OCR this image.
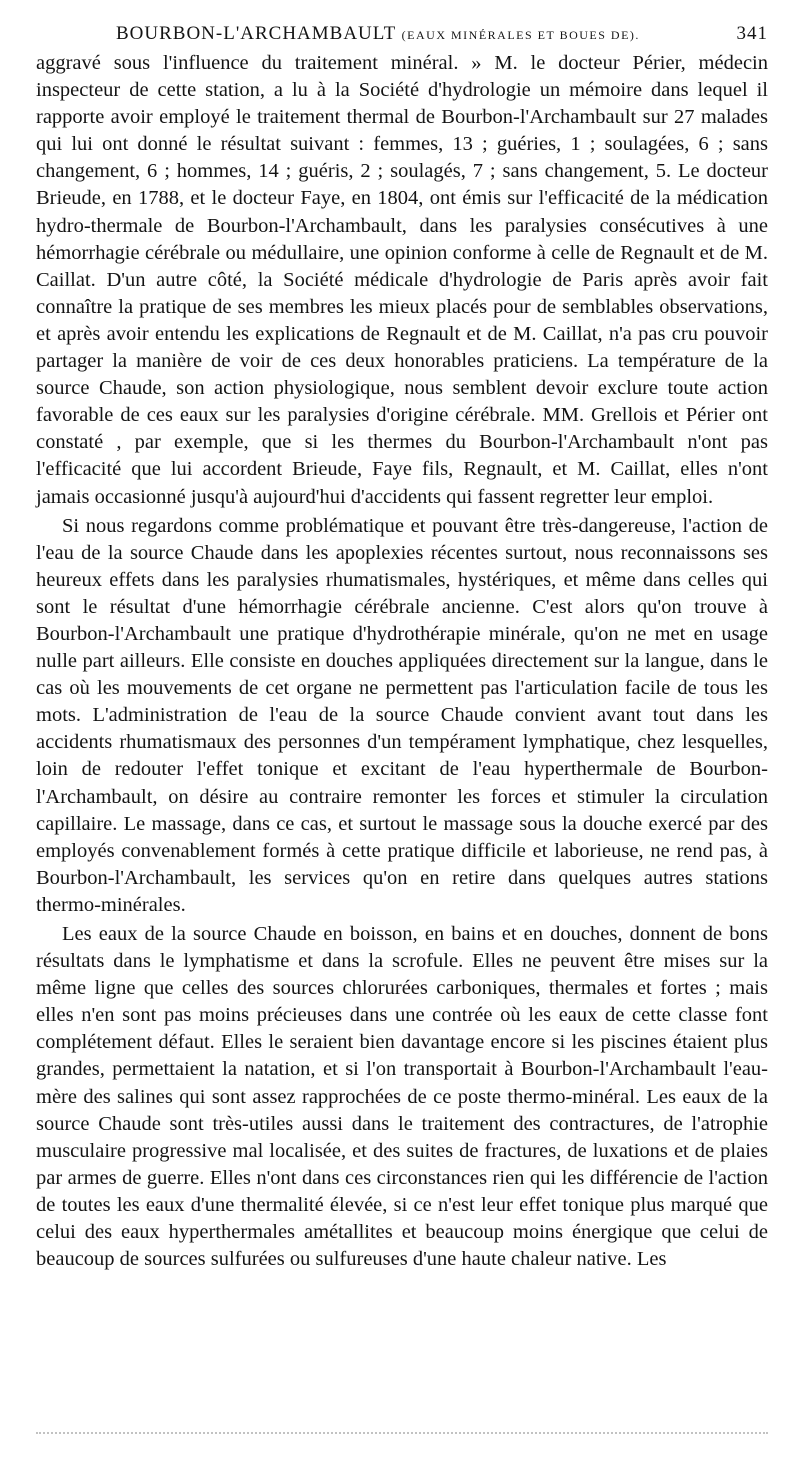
BOURBON-L'ARCHAMBAULT (EAUX MINÉRALES ET BOUES DE).	341

aggravé sous l'influence du traitement minéral. » M. le docteur Périer, médecin inspecteur de cette station, a lu à la Société d'hydrologie un mémoire dans lequel il rapporte avoir employé le traitement thermal de Bourbon-l'Archambault sur 27 malades qui lui ont donné le résultat suivant : femmes, 13 ; guéries, 1 ; soulagées, 6 ; sans changement, 6 ; hommes, 14 ; guéris, 2 ; soulagés, 7 ; sans changement, 5. Le docteur Brieude, en 1788, et le docteur Faye, en 1804, ont émis sur l'efficacité de la médication hydro-thermale de Bourbon-l'Archambault, dans les paralysies consécutives à une hémorrhagie cérébrale ou médullaire, une opinion conforme à celle de Regnault et de M. Caillat. D'un autre côté, la Société médicale d'hydrologie de Paris après avoir fait connaître la pratique de ses membres les mieux placés pour de semblables observations, et après avoir entendu les explications de Regnault et de M. Caillat, n'a pas cru pouvoir partager la manière de voir de ces deux honorables praticiens. La température de la source Chaude, son action physiologique, nous semblent devoir exclure toute action favorable de ces eaux sur les paralysies d'origine cérébrale. MM. Grellois et Périer ont constaté , par exemple, que si les thermes du Bourbon-l'Archambault n'ont pas l'efficacité que lui accordent Brieude, Faye fils, Regnault, et M. Caillat, elles n'ont jamais occasionné jusqu'à aujourd'hui d'accidents qui fassent regretter leur emploi.

Si nous regardons comme problématique et pouvant être très-dangereuse, l'action de l'eau de la source Chaude dans les apoplexies récentes surtout, nous reconnaissons ses heureux effets dans les paralysies rhumatismales, hystériques, et même dans celles qui sont le résultat d'une hémorrhagie cérébrale ancienne. C'est alors qu'on trouve à Bourbon-l'Archambault une pratique d'hydrothérapie minérale, qu'on ne met en usage nulle part ailleurs. Elle consiste en douches appliquées directement sur la langue, dans le cas où les mouvements de cet organe ne permettent pas l'articulation facile de tous les mots. L'administration de l'eau de la source Chaude convient avant tout dans les accidents rhumatismaux des personnes d'un tempérament lymphatique, chez lesquelles, loin de redouter l'effet tonique et excitant de l'eau hyperthermale de Bourbon-l'Archambault, on désire au contraire remonter les forces et stimuler la circulation capillaire. Le massage, dans ce cas, et surtout le massage sous la douche exercé par des employés convenablement formés à cette pratique difficile et laborieuse, ne rend pas, à Bourbon-l'Archambault, les services qu'on en retire dans quelques autres stations thermo-minérales.

Les eaux de la source Chaude en boisson, en bains et en douches, donnent de bons résultats dans le lymphatisme et dans la scrofule. Elles ne peuvent être mises sur la même ligne que celles des sources chlorurées carboniques, thermales et fortes ; mais elles n'en sont pas moins précieuses dans une contrée où les eaux de cette classe font complétement défaut. Elles le seraient bien davantage encore si les piscines étaient plus grandes, permettaient la natation, et si l'on transportait à Bourbon-l'Archambault l'eau-mère des salines qui sont assez rapprochées de ce poste thermo-minéral. Les eaux de la source Chaude sont très-utiles aussi dans le traitement des contractures, de l'atrophie musculaire progressive mal localisée, et des suites de fractures, de luxations et de plaies par armes de guerre. Elles n'ont dans ces circonstances rien qui les différencie de l'action de toutes les eaux d'une thermalité élevée, si ce n'est leur effet tonique plus marqué que celui des eaux hyperthermales amétallites et beaucoup moins énergique que celui de beaucoup de sources sulfurées ou sulfureuses d'une haute chaleur native. Les
